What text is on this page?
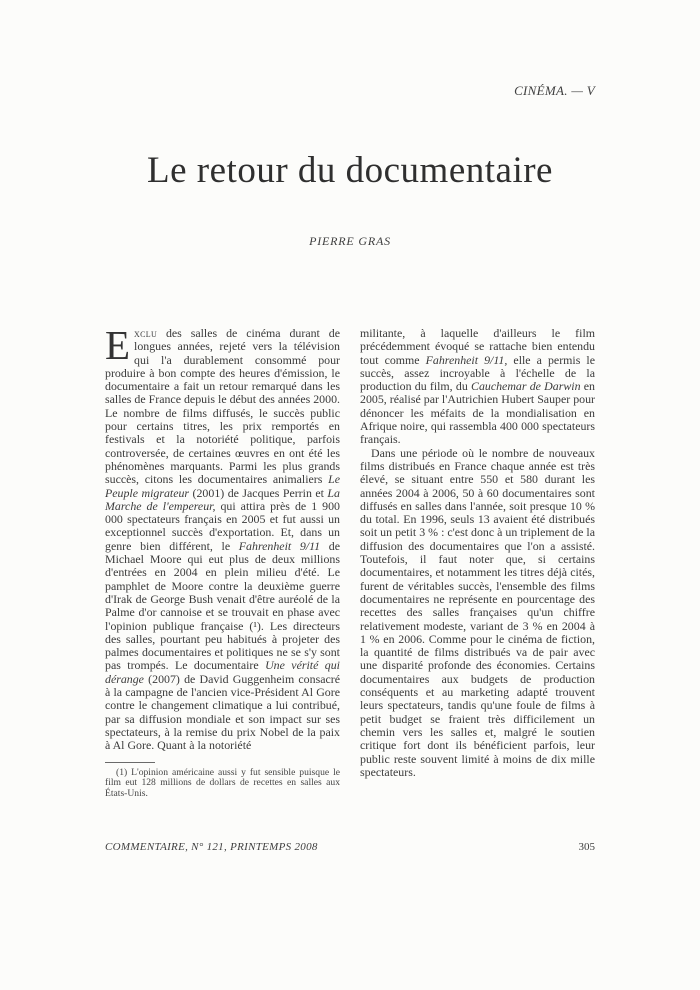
CINÉMA. — V
Le retour du documentaire
PIERRE GRAS

Exclu des salles de cinéma durant de longues années, rejeté vers la télévision qui l'a durablement consommé pour produire à bon compte des heures d'émission, le documentaire a fait un retour remarqué dans les salles de France depuis le début des années 2000. Le nombre de films diffusés, le succès public pour certains titres, les prix remportés en festivals et la notoriété politique, parfois controversée, de certaines œuvres en ont été les phénomènes marquants. Parmi les plus grands succès, citons les documentaires animaliers Le Peuple migrateur (2001) de Jacques Perrin et La Marche de l'empereur, qui attira près de 1 900 000 spectateurs français en 2005 et fut aussi un exceptionnel succès d'exportation. Et, dans un genre bien différent, le Fahrenheit 9/11 de Michael Moore qui eut plus de deux millions d'entrées en 2004 en plein milieu d'été. Le pamphlet de Moore contre la deuxième guerre d'Irak de George Bush venait d'être auréolé de la Palme d'or cannoise et se trouvait en phase avec l'opinion publique française (¹). Les directeurs des salles, pourtant peu habitués à projeter des palmes documentaires et politiques ne se s'y sont pas trompés. Le documentaire Une vérité qui dérange (2007) de David Guggenheim consacré à la campagne de l'ancien vice-Président Al Gore contre le changement climatique a lui contribué, par sa diffusion mondiale et son impact sur ses spectateurs, à la remise du prix Nobel de la paix à Al Gore. Quant à la notoriété

(1) L'opinion américaine aussi y fut sensible puisque le film eut 128 millions de dollars de recettes en salles aux États-Unis.

militante, à laquelle d'ailleurs le film précédemment évoqué se rattache bien entendu tout comme Fahrenheit 9/11, elle a permis le succès, assez incroyable à l'échelle de la production du film, du Cauchemar de Darwin en 2005, réalisé par l'Autrichien Hubert Sauper pour dénoncer les méfaits de la mondialisation en Afrique noire, qui rassembla 400 000 spectateurs français.

Dans une période où le nombre de nouveaux films distribués en France chaque année est très élevé, se situant entre 550 et 580 durant les années 2004 à 2006, 50 à 60 documentaires sont diffusés en salles dans l'année, soit presque 10 % du total. En 1996, seuls 13 avaient été distribués soit un petit 3 % : c'est donc à un triplement de la diffusion des documentaires que l'on a assisté. Toutefois, il faut noter que, si certains documentaires, et notamment les titres déjà cités, furent de véritables succès, l'ensemble des films documentaires ne représente en pourcentage des recettes des salles françaises qu'un chiffre relativement modeste, variant de 3 % en 2004 à 1 % en 2006. Comme pour le cinéma de fiction, la quantité de films distribués va de pair avec une disparité profonde des économies. Certains documentaires aux budgets de production conséquents et au marketing adapté trouvent leurs spectateurs, tandis qu'une foule de films à petit budget se fraient très difficilement un chemin vers les salles et, malgré le soutien critique fort dont ils bénéficient parfois, leur public reste souvent limité à moins de dix mille spectateurs.

COMMENTAIRE, N° 121, PRINTEMPS 2008	305
